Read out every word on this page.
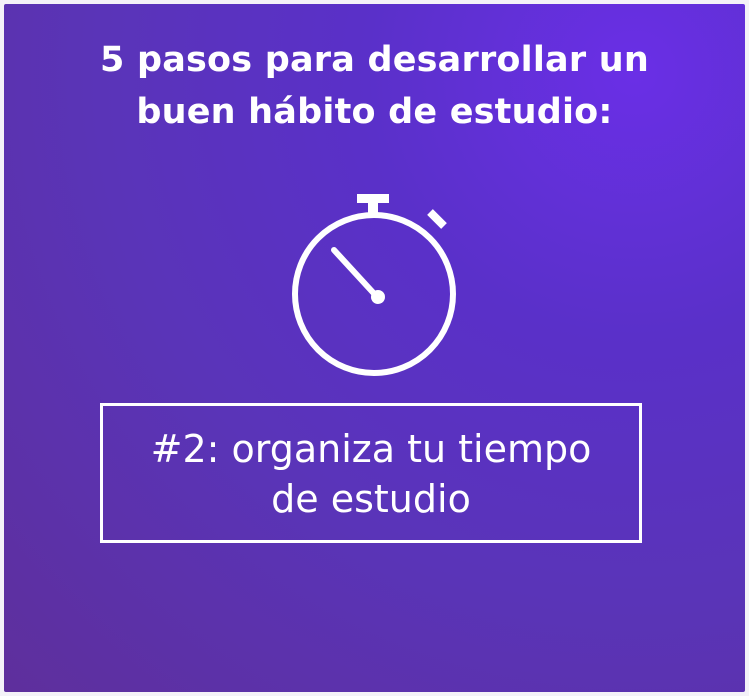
5 pasos para desarrollar un
buen hábito de estudio:
#2: organiza tu tiempo
de estudio
